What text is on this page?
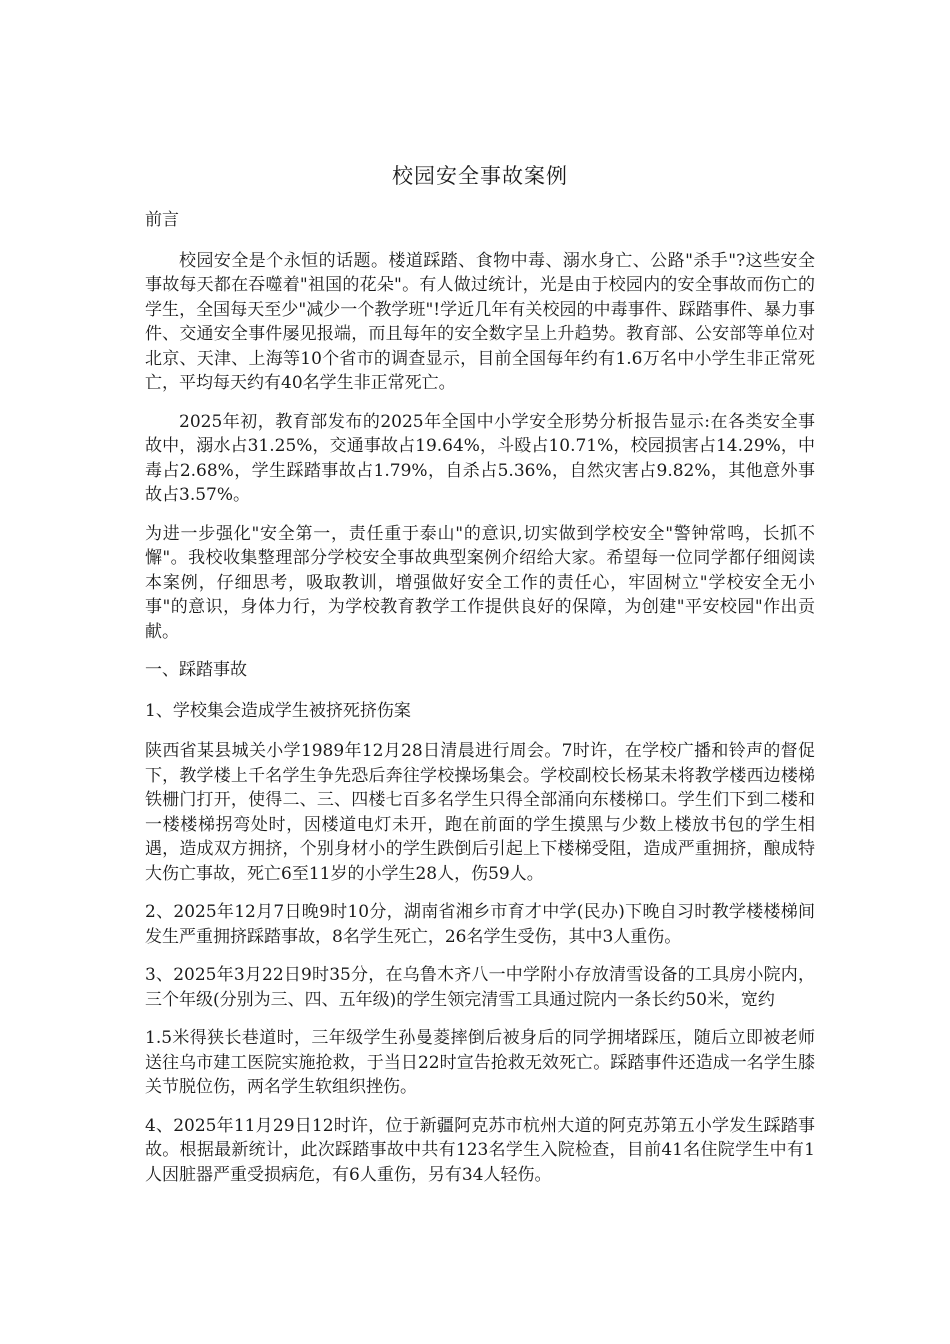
校园安全事故案例
前言

校园安全是个永恒的话题。楼道踩踏、食物中毒、溺水身亡、公路"杀手"?这些安全事故每天都在吞噬着"祖国的花朵"。有人做过统计，光是由于校园内的安全事故而伤亡的学生，全国每天至少"减少一个教学班"!学近几年有关校园的中毒事件、踩踏事件、暴力事件、交通安全事件屡见报端，而且每年的安全数字呈上升趋势。教育部、公安部等单位对北京、天津、上海等10个省市的调查显示，目前全国每年约有1.6万名中小学生非正常死亡，平均每天约有40名学生非正常死亡。

2025年初，教育部发布的2025年全国中小学安全形势分析报告显示:在各类安全事故中，溺水占31.25%，交通事故占19.64%，斗殴占10.71%，校园损害占14.29%，中毒占2.68%，学生踩踏事故占1.79%，自杀占5.36%，自然灾害占9.82%，其他意外事故占3.57%。

为进一步强化"安全第一，责任重于泰山"的意识,切实做到学校安全"警钟常鸣，长抓不懈"。我校收集整理部分学校安全事故典型案例介绍给大家。希望每一位同学都仔细阅读本案例，仔细思考，吸取教训，增强做好安全工作的责任心，牢固树立"学校安全无小事"的意识，身体力行，为学校教育教学工作提供良好的保障，为创建"平安校园"作出贡献。

一、踩踏事故
1、学校集会造成学生被挤死挤伤案

陕西省某县城关小学1989年12月28日清晨进行周会。7时许，在学校广播和铃声的督促下，教学楼上千名学生争先恐后奔往学校操场集会。学校副校长杨某未将教学楼西边楼梯铁栅门打开，使得二、三、四楼七百多名学生只得全部涌向东楼梯口。学生们下到二楼和一楼楼梯拐弯处时，因楼道电灯未开，跑在前面的学生摸黑与少数上楼放书包的学生相遇，造成双方拥挤，个别身材小的学生跌倒后引起上下楼梯受阻，造成严重拥挤，酿成特大伤亡事故，死亡6至11岁的小学生28人，伤59人。

2、2025年12月7日晚9时10分，湖南省湘乡市育才中学(民办)下晚自习时教学楼楼梯间发生严重拥挤踩踏事故，8名学生死亡，26名学生受伤，其中3人重伤。

3、2025年3月22日9时35分，在乌鲁木齐八一中学附小存放清雪设备的工具房小院内，三个年级(分别为三、四、五年级)的学生领完清雪工具通过院内一条长约50米，宽约

1.5米得狭长巷道时，三年级学生孙曼菱摔倒后被身后的同学拥堵踩压，随后立即被老师送往乌市建工医院实施抢救，于当日22时宣告抢救无效死亡。踩踏事件还造成一名学生膝关节脱位伤，两名学生软组织挫伤。

4、2025年11月29日12时许，位于新疆阿克苏市杭州大道的阿克苏第五小学发生踩踏事故。根据最新统计，此次踩踏事故中共有123名学生入院检查，目前41名住院学生中有1人因脏器严重受损病危，有6人重伤，另有34人轻伤。
